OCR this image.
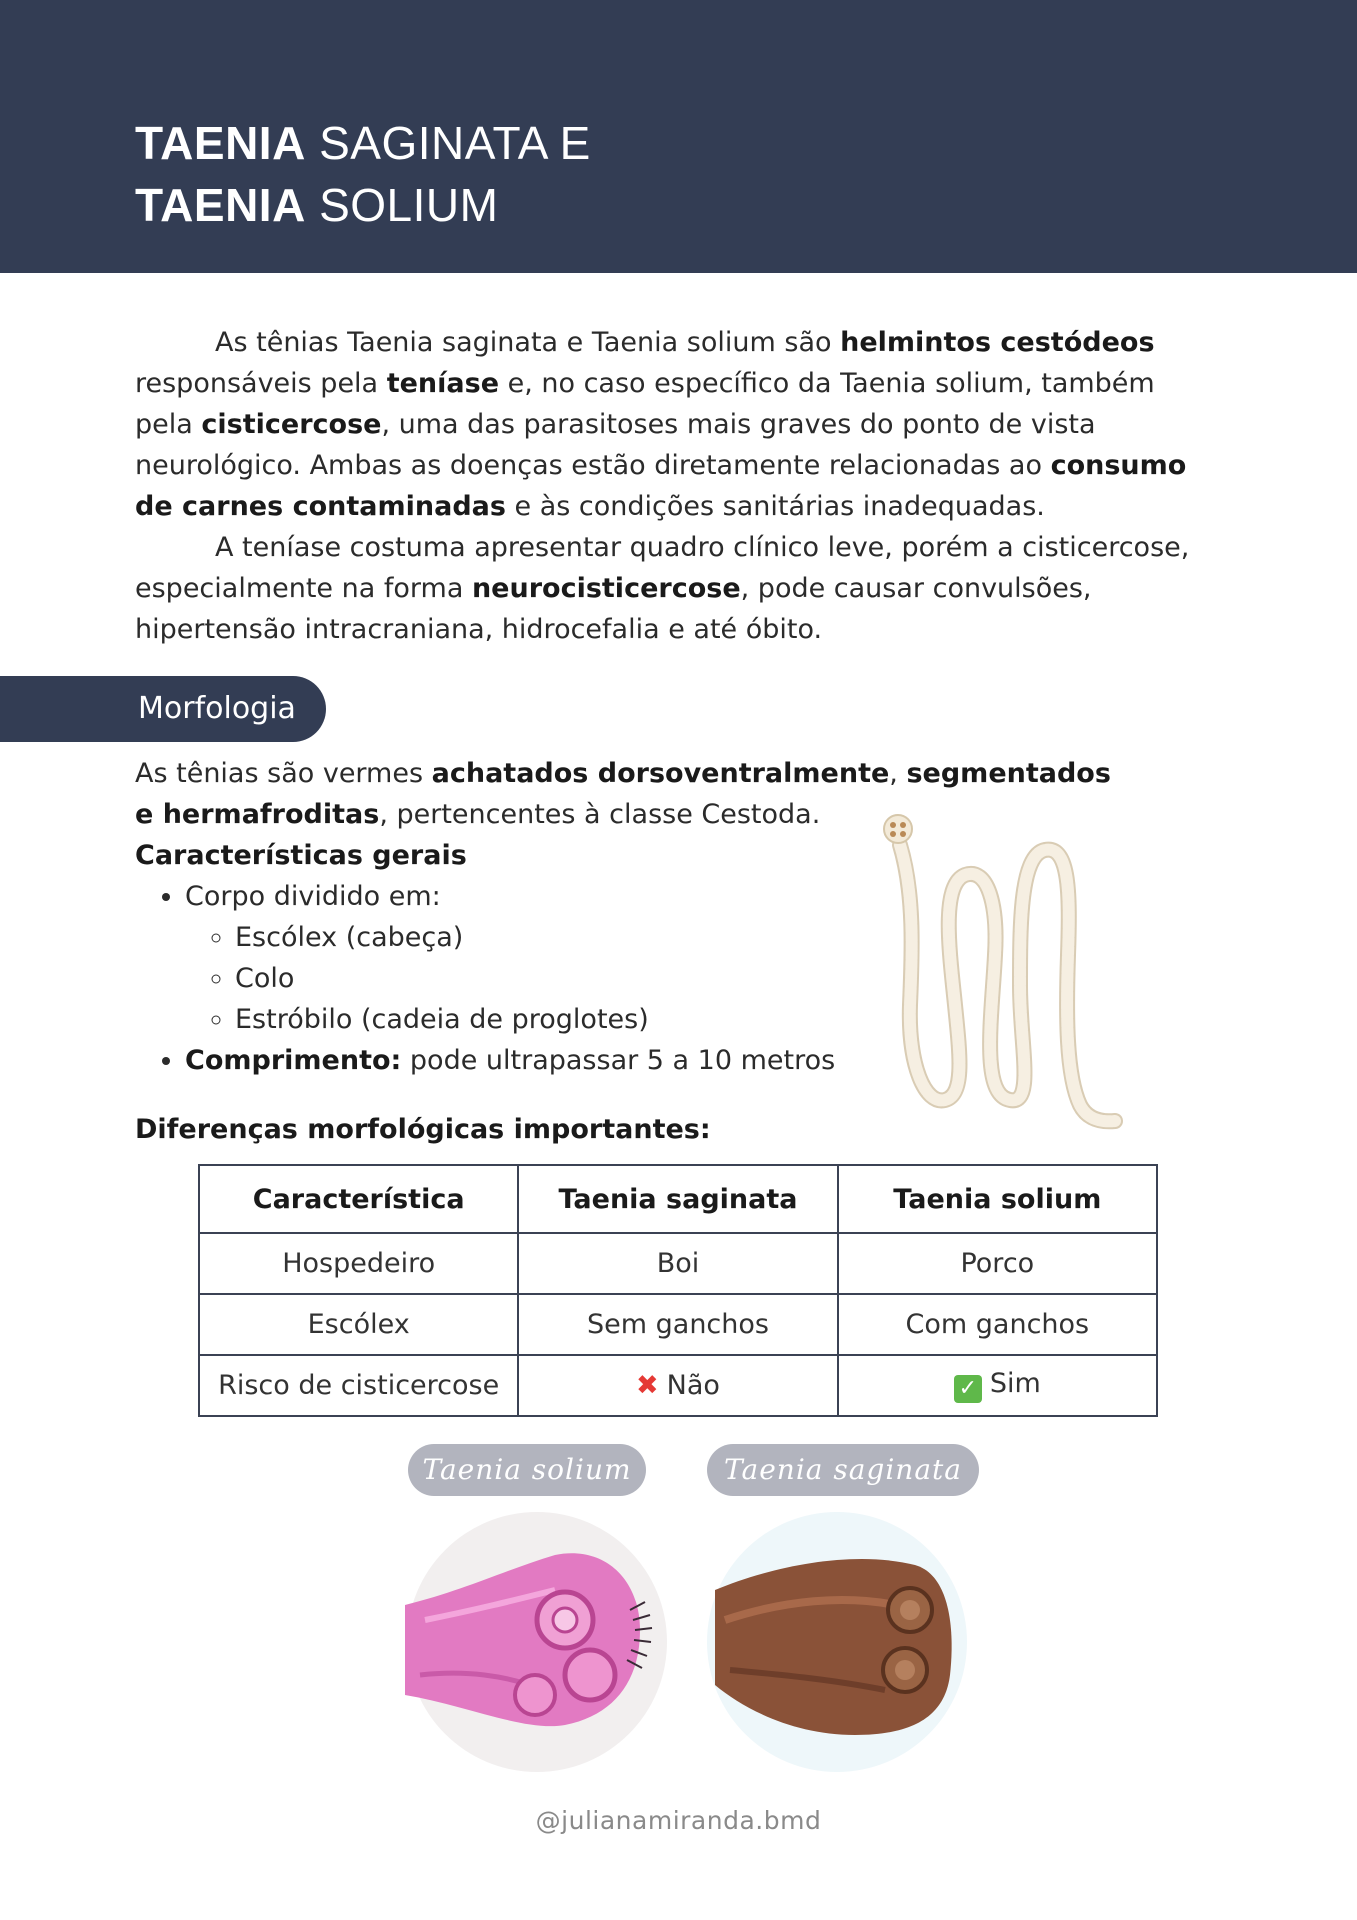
TAENIA SAGINATA E
TAENIA SOLIUM

As tênias Taenia saginata e Taenia solium são helmintos cestódeos responsáveis pela teníase e, no caso específico da Taenia solium, também pela cisticercose, uma das parasitoses mais graves do ponto de vista neurológico. Ambas as doenças estão diretamente relacionadas ao consumo de carnes contaminadas e às condições sanitárias inadequadas.

A teníase costuma apresentar quadro clínico leve, porém a cisticercose, especialmente na forma neurocisticercose, pode causar convulsões, hipertensão intracraniana, hidrocefalia e até óbito.

Morfologia

As tênias são vermes achatados dorsoventralmente, segmentados e hermafroditas, pertencentes à classe Cestoda.

Características gerais

• Corpo dividido em:
◦ Escólex (cabeça)
◦ Colo
◦ Estróbilo (cadeia de proglotes)
• Comprimento: pode ultrapassar 5 a 10 metros

Diferenças morfológicas importantes:

Característica	Taenia saginata	Taenia solium
Hospedeiro	Boi	Porco
Escólex	Sem ganchos	Com ganchos
Risco de cisticercose	✖ Não	✓ Sim
Taenia solium	Taenia saginata
@julianamiranda.bmd
